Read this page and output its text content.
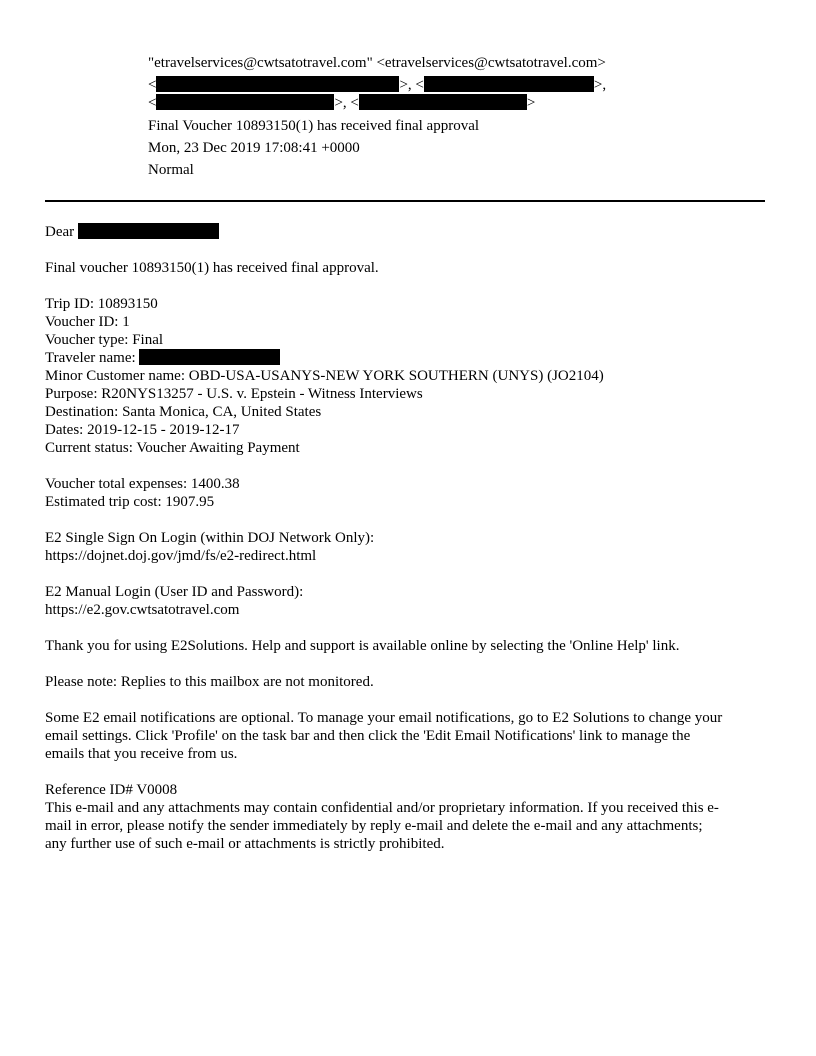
"etravelservices@cwtsatotravel.com" <etravelservices@cwtsatotravel.com>
<	>, <	>,
<	>, <	>
Final Voucher 10893150(1) has received final approval
Mon, 23 Dec 2019 17:08:41 +0000
Normal

Dear

Final voucher 10893150(1) has received final approval.

Trip ID: 10893150

Voucher ID: 1

Voucher type: Final

Traveler name:

Minor Customer name: OBD-USA-USANYS-NEW YORK SOUTHERN (UNYS) (JO2104)

Purpose: R20NYS13257 - U.S. v. Epstein - Witness Interviews

Destination: Santa Monica, CA, United States

Dates: 2019-12-15 - 2019-12-17

Current status: Voucher Awaiting Payment

Voucher total expenses: 1400.38

Estimated trip cost: 1907.95

E2 Single Sign On Login (within DOJ Network Only):

https://dojnet.doj.gov/jmd/fs/e2-redirect.html

E2 Manual Login (User ID and Password):

https://e2.gov.cwtsatotravel.com

Thank you for using E2Solutions. Help and support is available online by selecting the 'Online Help' link.

Please note: Replies to this mailbox are not monitored.

Some E2 email notifications are optional. To manage your email notifications, go to E2 Solutions to change your
email settings. Click 'Profile' on the task bar and then click the 'Edit Email Notifications' link to manage the
emails that you receive from us.

Reference ID# V0008

This e-mail and any attachments may contain confidential and/or proprietary information. If you received this e-
mail in error, please notify the sender immediately by reply e-mail and delete the e-mail and any attachments;
any further use of such e-mail or attachments is strictly prohibited.
